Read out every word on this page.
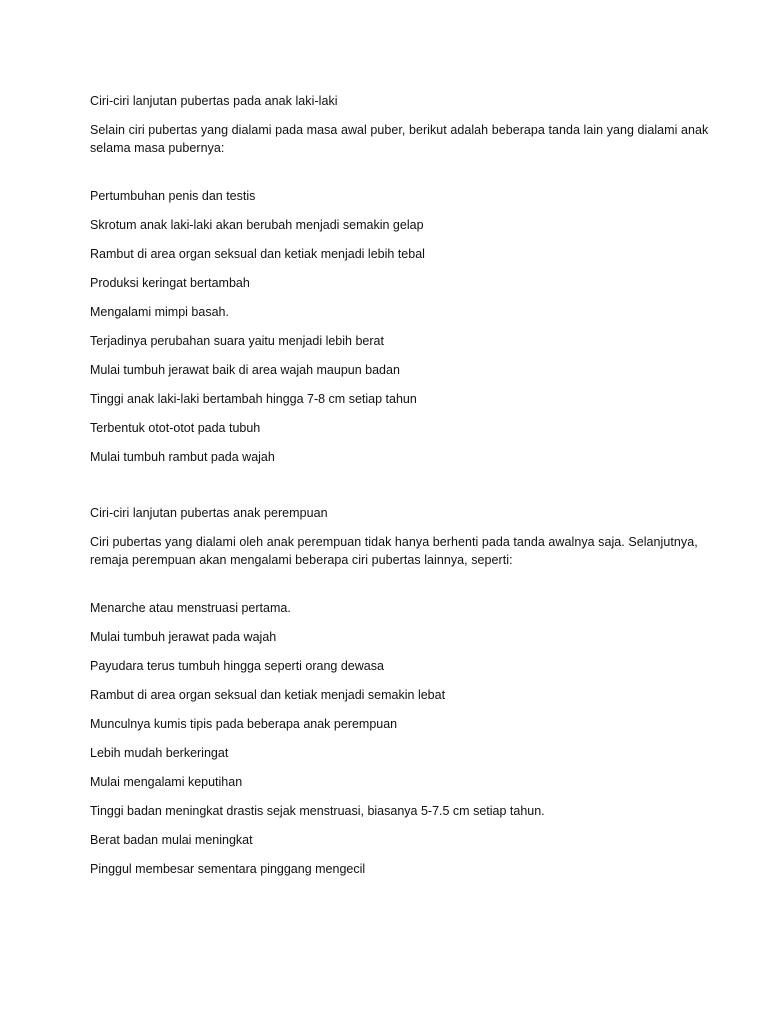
Ciri-ciri lanjutan pubertas pada anak laki-laki

Selain ciri pubertas yang dialami pada masa awal puber, berikut adalah beberapa tanda lain yang dialami anak selama masa pubernya:

Pertumbuhan penis dan testis
Skrotum anak laki-laki akan berubah menjadi semakin gelap
Rambut di area organ seksual dan ketiak menjadi lebih tebal
Produksi keringat bertambah
Mengalami mimpi basah.
Terjadinya perubahan suara yaitu menjadi lebih berat
Mulai tumbuh jerawat baik di area wajah maupun badan
Tinggi anak laki-laki bertambah hingga 7-8 cm setiap tahun
Terbentuk otot-otot pada tubuh
Mulai tumbuh rambut pada wajah

Ciri-ciri lanjutan pubertas anak perempuan

Ciri pubertas yang dialami oleh anak perempuan tidak hanya berhenti pada tanda awalnya saja. Selanjutnya, remaja perempuan akan mengalami beberapa ciri pubertas lainnya, seperti:

Menarche atau menstruasi pertama.
Mulai tumbuh jerawat pada wajah
Payudara terus tumbuh hingga seperti orang dewasa
Rambut di area organ seksual dan ketiak menjadi semakin lebat
Munculnya kumis tipis pada beberapa anak perempuan
Lebih mudah berkeringat
Mulai mengalami keputihan
Tinggi badan meningkat drastis sejak menstruasi, biasanya 5-7.5 cm setiap tahun.
Berat badan mulai meningkat
Pinggul membesar sementara pinggang mengecil
